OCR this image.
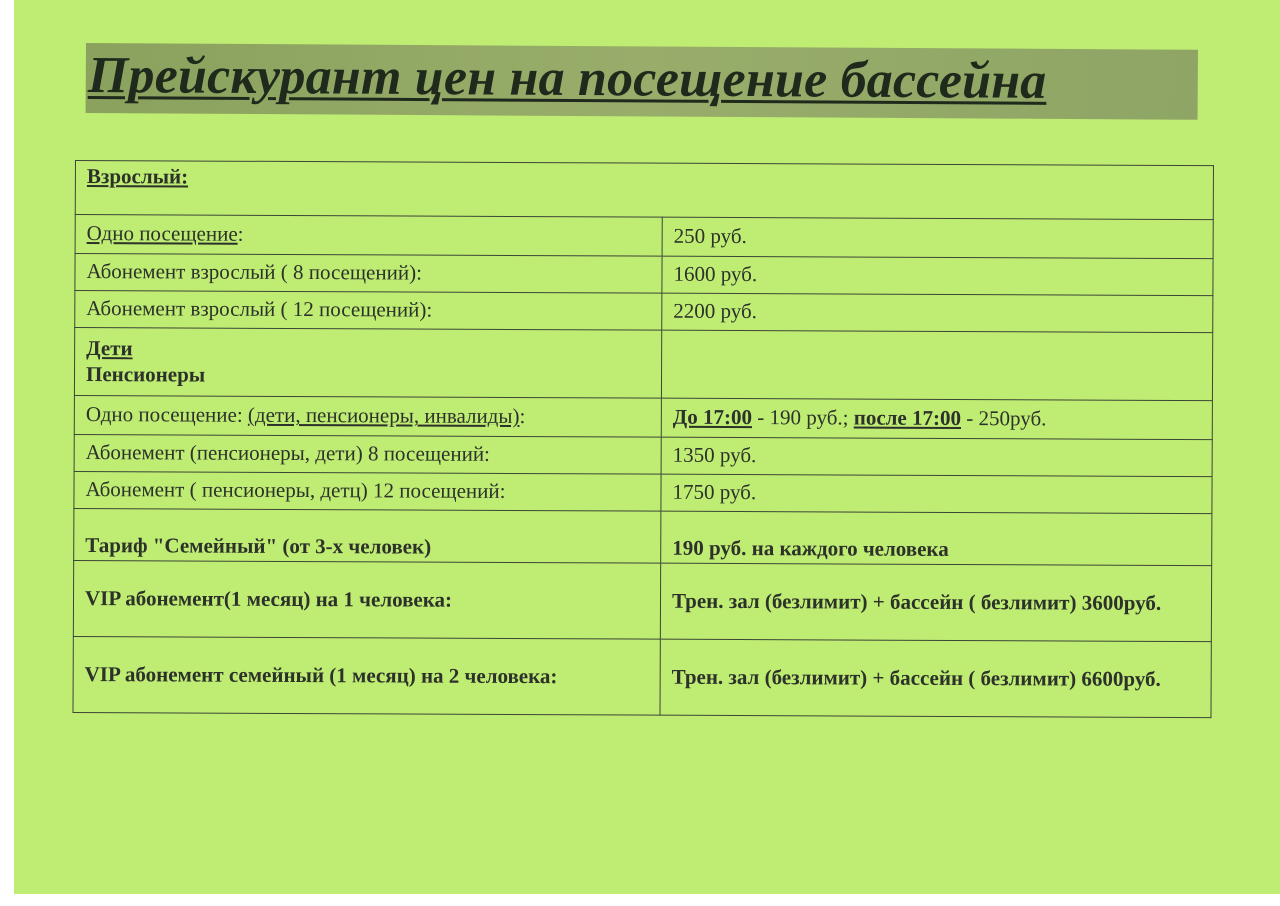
Прейскурант цен на посещение бассейна
Взрослый:	
Одно посещение:	250 руб.
Абонемент взрослый ( 8 посещений):	1600 руб.
Абонемент взрослый ( 12 посещений):	2200 руб.
Дети
Пенсионеры	
Одно посещение: (дети, пенсионеры, инвалиды):	До 17:00 - 190 руб.; после 17:00 - 250руб.
Абонемент (пенсионеры, дети) 8 посещений:	1350 руб.
Абонемент ( пенсионеры, детц) 12 посещений:	1750 руб.
Тариф "Семейный" (от 3-х человек)	190 руб. на каждого человека
VIP абонемент(1 месяц) на 1 человека:	Трен. зал (безлимит) + бассейн ( безлимит) 3600руб.
VIP абонемент семейный (1 месяц) на 2 человека:	Трен. зал (безлимит) + бассейн ( безлимит) 6600руб.
